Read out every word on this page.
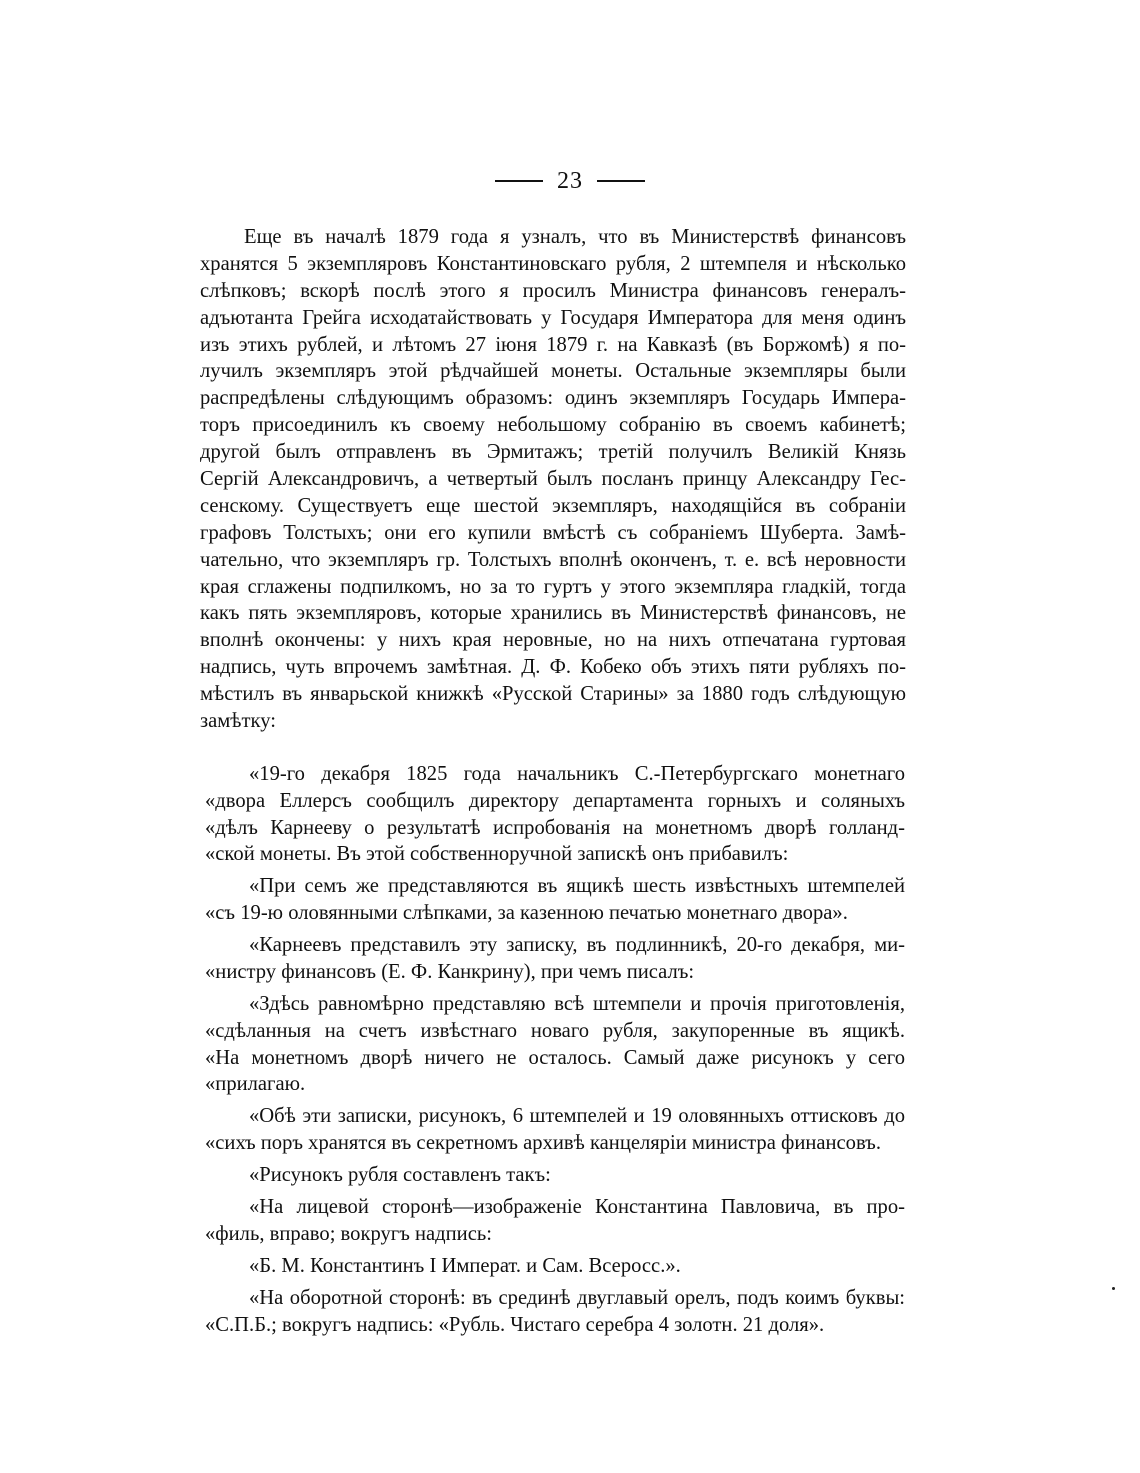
23
Еще въ началѣ 1879 года я узналъ, что въ Министерствѣ финансовъ
хранятся 5 экземпляровъ Константиновскаго рубля, 2 штемпеля и нѣсколько
слѣпковъ; вскорѣ послѣ этого я просилъ Министра финансовъ генералъ-
адъютанта Грейга исходатайствовать у Государя Императора для меня одинъ
изъ этихъ рублей, и лѣтомъ 27 іюня 1879 г. на Кавказѣ (въ Боржомѣ) я по-
лучилъ экземпляръ этой рѣдчайшей монеты. Остальные экземпляры были
распредѣлены слѣдующимъ образомъ: одинъ экземпляръ Государь Импера-
торъ присоединилъ къ своему небольшому собранію въ своемъ кабинетѣ;
другой былъ отправленъ въ Эрмитажъ; третій получилъ Великій Князь
Сергій Александровичъ, а четвертый былъ посланъ принцу Александру Гес-
сенскому. Существуетъ еще шестой экземпляръ, находящійся въ собраніи
графовъ Толстыхъ; они его купили вмѣстѣ съ собраніемъ Шуберта. Замѣ-
чательно, что экземпляръ гр. Толстыхъ вполнѣ оконченъ, т. е. всѣ неровности
края сглажены подпилкомъ, но за то гуртъ у этого экземпляра гладкій, тогда
какъ пять экземпляровъ, которые хранились въ Министерствѣ финансовъ, не
вполнѣ окончены: у нихъ края неровные, но на нихъ отпечатана гуртовая
надпись, чуть впрочемъ замѣтная. Д. Ф. Кобеко объ этихъ пяти рубляхъ по-
мѣстилъ въ январьской книжкѣ «Русской Старины» за 1880 годъ слѣдующую
замѣтку:
«19-го декабря 1825 года начальникъ С.-Петербургскаго монетнаго
«двора Еллерсъ сообщилъ директору департамента горныхъ и соляныхъ
«дѣлъ Карнееву о результатѣ испробованія на монетномъ дворѣ голланд-
«ской монеты. Въ этой собственноручной запискѣ онъ прибавилъ:
«При семъ же представляются въ ящикѣ шесть извѣстныхъ штемпелей
«съ 19-ю оловянными слѣпками, за казенною печатью монетнаго двора».
«Карнеевъ представилъ эту записку, въ подлинникѣ, 20-го декабря, ми-
«нистру финансовъ (Е. Ф. Канкрину), при чемъ писалъ:
«Здѣсь равномѣрно представляю всѣ штемпели и прочія приготовленія,
«сдѣланныя на счетъ извѣстнаго новаго рубля, закупоренные въ ящикѣ.
«На монетномъ дворѣ ничего не осталось. Самый даже рисунокъ у сего
«прилагаю.
«Обѣ эти записки, рисунокъ, 6 штемпелей и 19 оловянныхъ оттисковъ до
«сихъ поръ хранятся въ секретномъ архивѣ канцеляріи министра финансовъ.
«Рисунокъ рубля составленъ такъ:
«На лицевой сторонѣ—изображеніе Константина Павловича, въ про-
«филь, вправо; вокругъ надпись:
«Б. М. Константинъ I Императ. и Сам. Всеросс.».
«На оборотной сторонѣ: въ срединѣ двуглавый орелъ, подъ коимъ буквы:
«С.П.Б.; вокругъ надпись: «Рубль. Чистаго серебра 4 золотн. 21 доля».
